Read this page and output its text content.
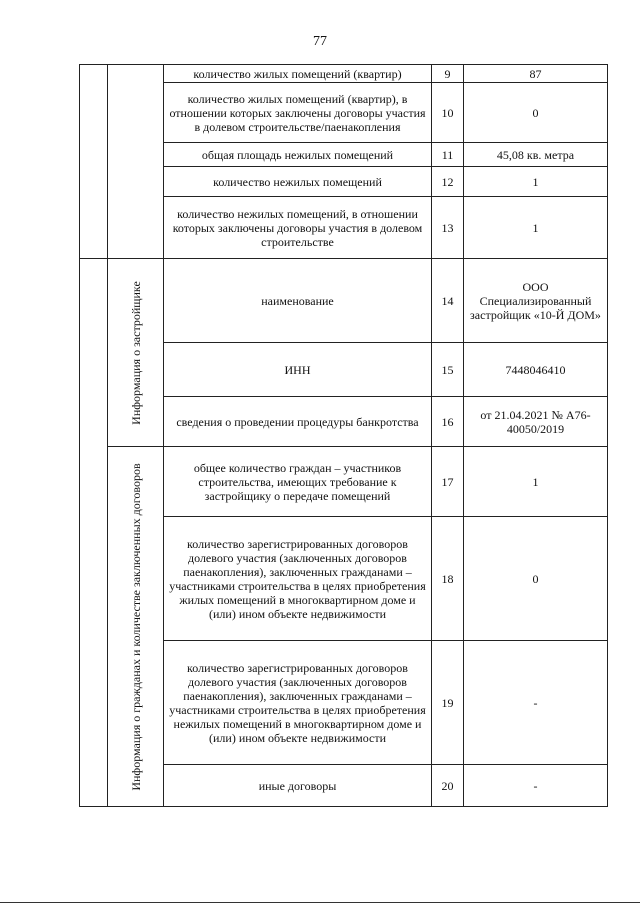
77
		количество жилых помещений (квартир)	9	87
		количество жилых помещений (квартир), в отношении которых заключены договоры участия в долевом строительстве/паенакопления	10	0
		общая площадь нежилых помещений	11	45,08 кв. метра
		количество нежилых помещений	12	1
		количество нежилых помещений, в отношении которых заключены договоры участия в долевом строительстве	13	1

	Информация о застройщике	наименование	14	ООО Специализированный застройщик «10-Й ДОМ»
		ИНН	15	7448046410
		сведения о проведении процедуры банкротства	16	от 21.04.2021 № А76-40050/2019

	Информация о гражданах и количестве заключенных договоров	общее количество граждан – участников строительства, имеющих требование к застройщику о передаче помещений	17	1
		количество зарегистрированных договоров долевого участия (заключенных договоров паенакопления), заключенных гражданами – участниками строительства в целях приобретения жилых помещений в многоквартирном доме и (или) ином объекте недвижимости	18	0
		количество зарегистрированных договоров долевого участия (заключенных договоров паенакопления), заключенных гражданами – участниками строительства в целях приобретения нежилых помещений в многоквартирном доме и (или) ином объекте недвижимости	19	-
		иные договоры	20	-
